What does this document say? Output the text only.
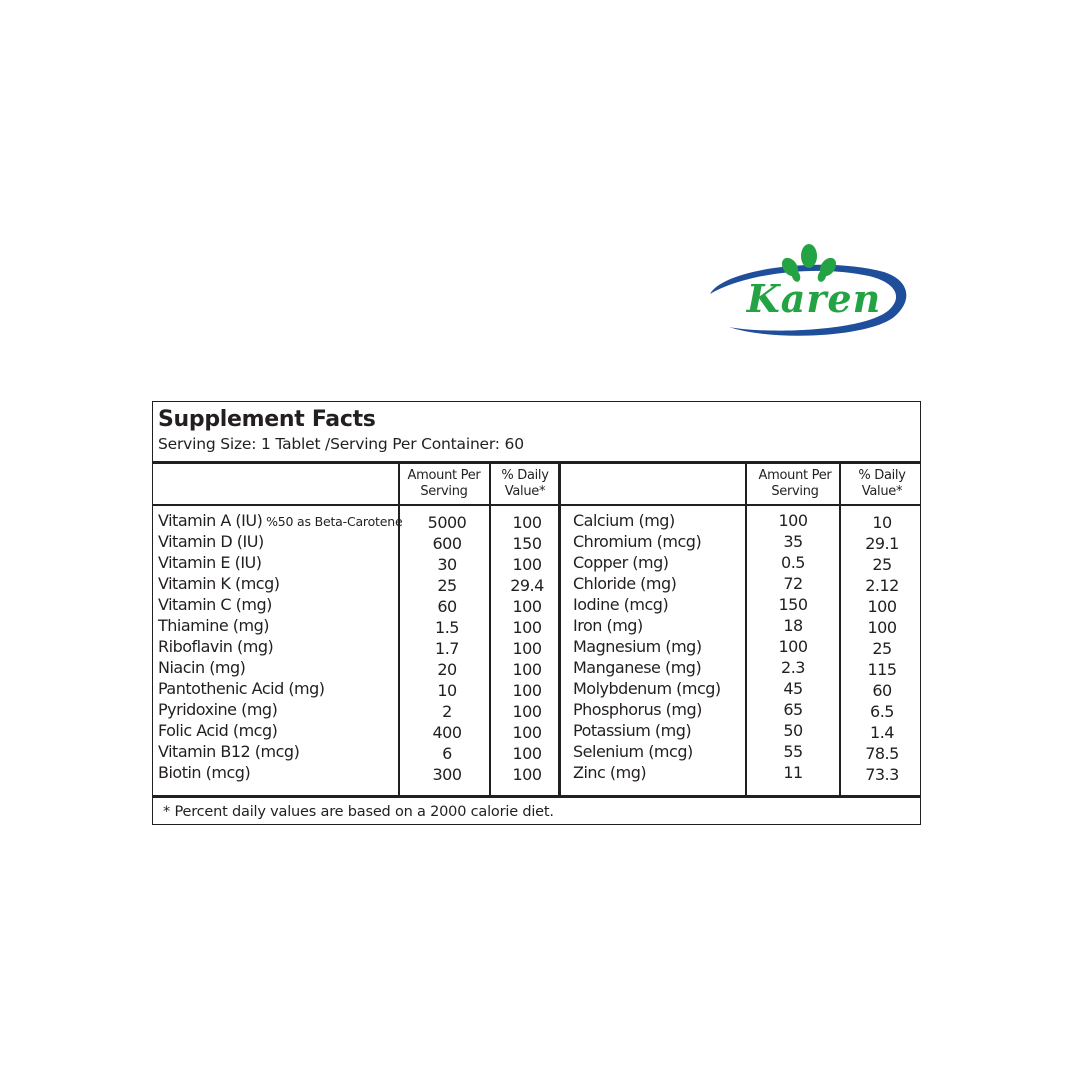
Karen
Supplement Facts
Serving Size: 1 Tablet /Serving Per Container: 60
Amount Per
Serving
% Daily
Value*
Amount Per
Serving
% Daily
Value*
Vitamin A (IU) %50 as Beta-Carotene	5000	100
Vitamin D (IU)	600	150
Vitamin E (IU)	30	100
Vitamin K (mcg)	25	29.4
Vitamin C (mg)	60	100
Thiamine (mg)	1.5	100
Riboflavin (mg)	1.7	100
Niacin (mg)	20	100
Pantothenic Acid (mg)	10	100
Pyridoxine (mg)	2	100
Folic Acid (mcg)	400	100
Vitamin B12 (mcg)	6	100
Biotin (mcg)	300	100
Calcium (mg)	100	10
Chromium (mcg)	35	29.1
Copper (mg)	0.5	25
Chloride (mg)	72	2.12
Iodine (mcg)	150	100
Iron (mg)	18	100
Magnesium (mg)	100	25
Manganese (mg)	2.3	115
Molybdenum (mcg)	45	60
Phosphorus (mg)	65	6.5
Potassium (mg)	50	1.4
Selenium (mcg)	55	78.5
Zinc (mg)	11	73.3
* Percent daily values are based on a 2000 calorie diet.
